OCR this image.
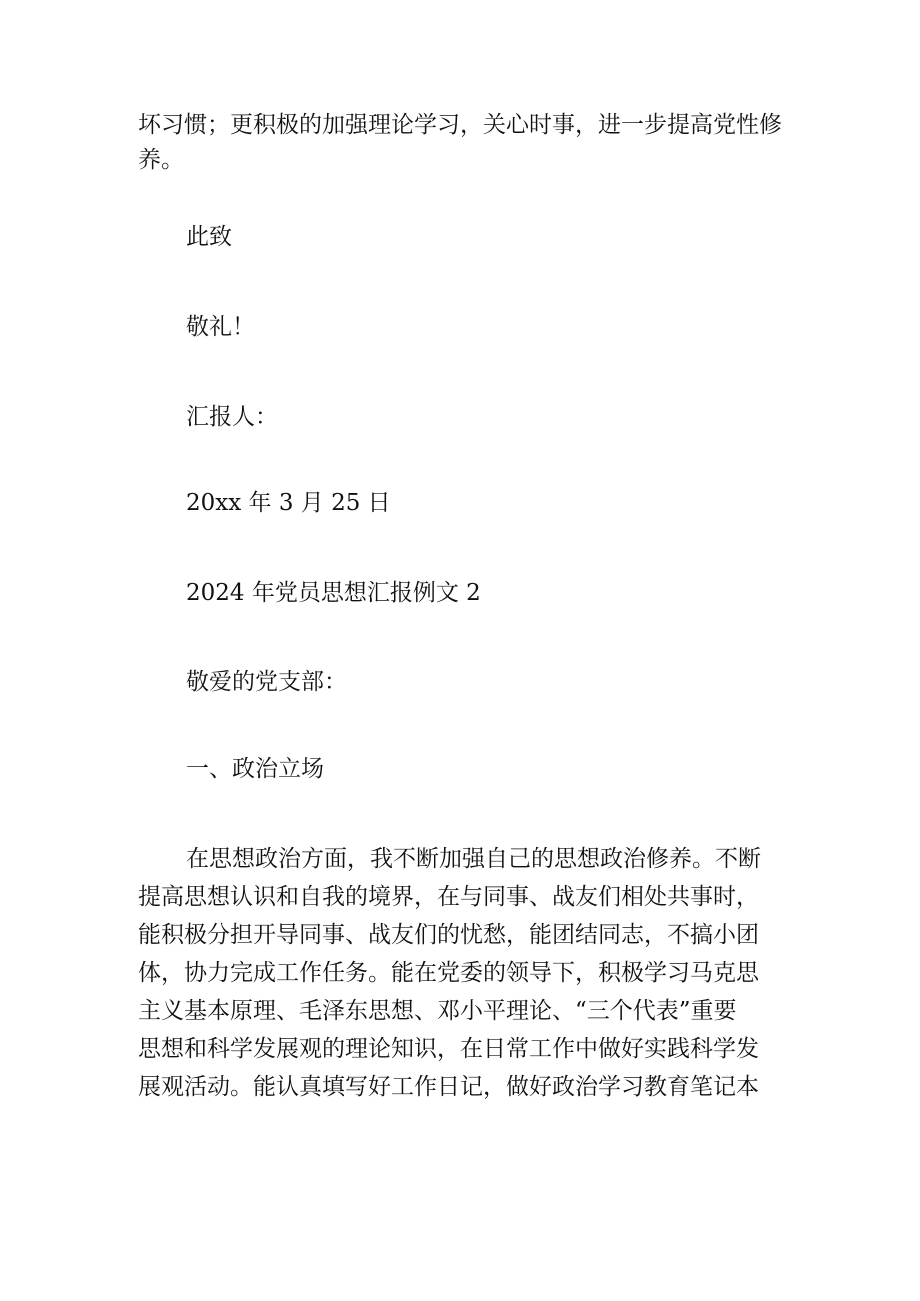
坏习惯；更积极的加强理论学习，关心时事，进一步提高党性修
养。

此致

敬礼！

汇报人：

20xx 年 3 月 25 日

2024 年党员思想汇报例文 2

敬爱的党支部：

一、政治立场

在思想政治方面，我不断加强自己的思想政治修养。不断
提高思想认识和自我的境界，在与同事、战友们相处共事时，
能积极分担开导同事、战友们的忧愁，能团结同志，不搞小团
体，协力完成工作任务。能在党委的领导下，积极学习马克思
主义基本原理、毛泽东思想、邓小平理论、“三个代表”重要
思想和科学发展观的理论知识，在日常工作中做好实践科学发
展观活动。能认真填写好工作日记，做好政治学习教育笔记本
